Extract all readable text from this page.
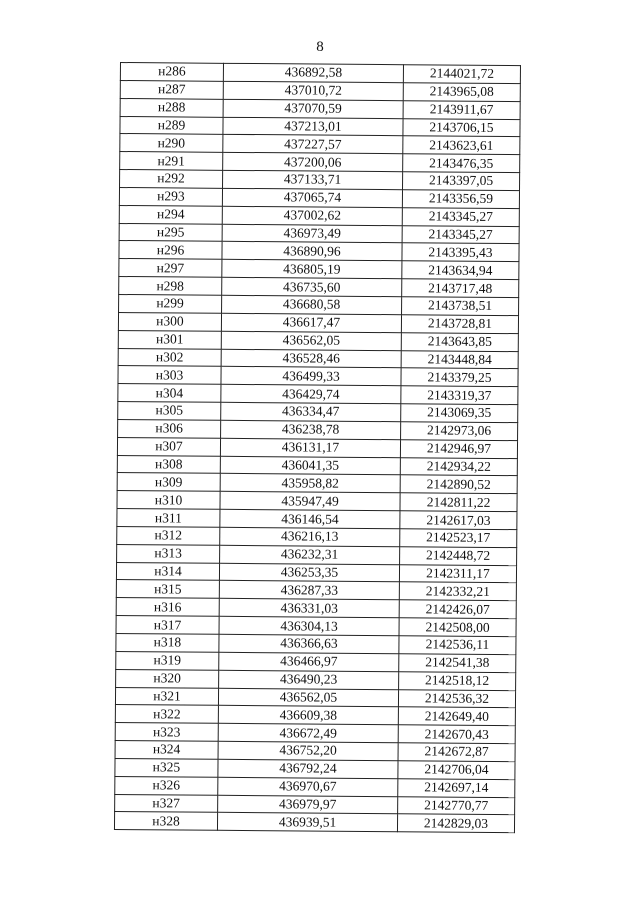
8
н286	436892,58	2144021,72
н287	437010,72	2143965,08
н288	437070,59	2143911,67
н289	437213,01	2143706,15
н290	437227,57	2143623,61
н291	437200,06	2143476,35
н292	437133,71	2143397,05
н293	437065,74	2143356,59
н294	437002,62	2143345,27
н295	436973,49	2143345,27
н296	436890,96	2143395,43
н297	436805,19	2143634,94
н298	436735,60	2143717,48
н299	436680,58	2143738,51
н300	436617,47	2143728,81
н301	436562,05	2143643,85
н302	436528,46	2143448,84
н303	436499,33	2143379,25
н304	436429,74	2143319,37
н305	436334,47	2143069,35
н306	436238,78	2142973,06
н307	436131,17	2142946,97
н308	436041,35	2142934,22
н309	435958,82	2142890,52
н310	435947,49	2142811,22
н311	436146,54	2142617,03
н312	436216,13	2142523,17
н313	436232,31	2142448,72
н314	436253,35	2142311,17
н315	436287,33	2142332,21
н316	436331,03	2142426,07
н317	436304,13	2142508,00
н318	436366,63	2142536,11
н319	436466,97	2142541,38
н320	436490,23	2142518,12
н321	436562,05	2142536,32
н322	436609,38	2142649,40
н323	436672,49	2142670,43
н324	436752,20	2142672,87
н325	436792,24	2142706,04
н326	436970,67	2142697,14
н327	436979,97	2142770,77
н328	436939,51	2142829,03
